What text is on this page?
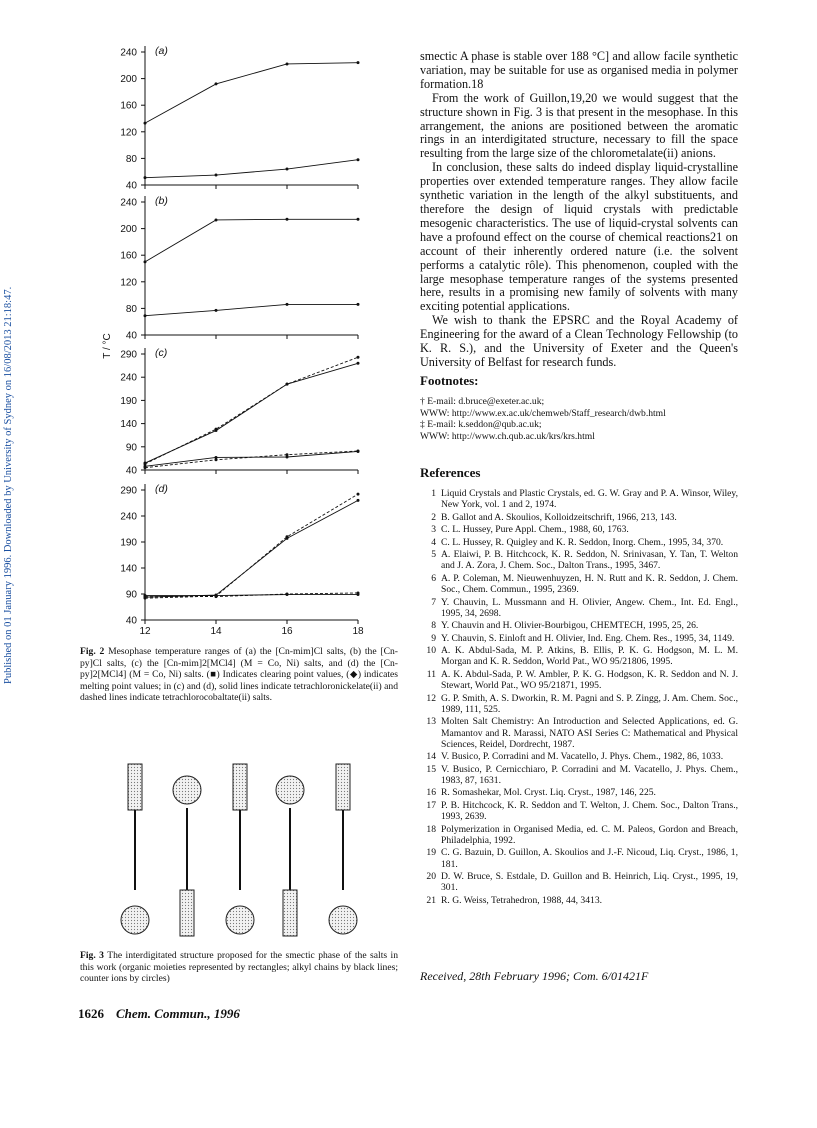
Published on 01 January 1996. Downloaded by University of Sydney on 16/08/2013 21:18:47.
40
80
120
160
200
240 (a)
40
80
120
160
200
240 (b)
40
90
140
190
240
290 (c)
40
90
140
190
240
290
12	14	16	18
(d)
T / °C
Fig. 2 Mesophase temperature ranges of (a) the [Cn-mim]Cl salts, (b) the [Cn-py]Cl salts, (c) the [Cn-mim]2[MCl4] (M = Co, Ni) salts, and (d) the [Cn-py]2[MCl4] (M = Co, Ni) salts. (■) Indicates clearing point values, (◆) indicates melting point values; in (c) and (d), solid lines indicate tetrachloronickelate(ii) and dashed lines indicate tetrachlorocobaltate(ii) salts.
Fig. 3 The interdigitated structure proposed for the smectic phase of the salts in this work (organic moieties represented by rectangles; alkyl chains by black lines; counter ions by circles)
1626 Chem. Commun., 1996

smectic A phase is stable over 188 °C] and allow facile synthetic variation, may be suitable for use as organised media in polymer formation.18

From the work of Guillon,19,20 we would suggest that the structure shown in Fig. 3 is that present in the mesophase. In this arrangement, the anions are positioned between the aromatic rings in an interdigitated structure, necessary to fill the space resulting from the large size of the chlorometalate(ii) anions.

In conclusion, these salts do indeed display liquid-crystalline properties over extended temperature ranges. They allow facile synthetic variation in the length of the alkyl substituents, and therefore the design of liquid crystals with predictable mesogenic characteristics. The use of liquid-crystal solvents can have a profound effect on the course of chemical reactions21 on account of their inherently ordered nature (i.e. the solvent performs a catalytic rôle). This phenomenon, coupled with the large mesophase temperature ranges of the systems presented here, results in a promising new family of solvents with many exciting potential applications.

We wish to thank the EPSRC and the Royal Academy of Engineering for the award of a Clean Technology Fellowship (to K. R. S.), and the University of Exeter and the Queen's University of Belfast for research funds.

Footnotes:
† E-mail: d.bruce@exeter.ac.uk;
WWW: http://www.ex.ac.uk/chemweb/Staff_research/dwb.html
‡ E-mail: k.seddon@qub.ac.uk;
WWW: http://www.ch.qub.ac.uk/krs/krs.html
References
1 Liquid Crystals and Plastic Crystals, ed. G. W. Gray and P. A. Winsor, Wiley, New York, vol. 1 and 2, 1974.
2 B. Gallot and A. Skoulios, Kolloidzeitschrift, 1966, 213, 143.
3 C. L. Hussey, Pure Appl. Chem., 1988, 60, 1763.
4 C. L. Hussey, R. Quigley and K. R. Seddon, Inorg. Chem., 1995, 34, 370.
5 A. Elaiwi, P. B. Hitchcock, K. R. Seddon, N. Srinivasan, Y. Tan, T. Welton and J. A. Zora, J. Chem. Soc., Dalton Trans., 1995, 3467.
6 A. P. Coleman, M. Nieuwenhuyzen, H. N. Rutt and K. R. Seddon, J. Chem. Soc., Chem. Commun., 1995, 2369.
7 Y. Chauvin, L. Mussmann and H. Olivier, Angew. Chem., Int. Ed. Engl., 1995, 34, 2698.
8 Y. Chauvin and H. Olivier-Bourbigou, CHEMTECH, 1995, 25, 26.
9 Y. Chauvin, S. Einloft and H. Olivier, Ind. Eng. Chem. Res., 1995, 34, 1149.
10 A. K. Abdul-Sada, M. P. Atkins, B. Ellis, P. K. G. Hodgson, M. L. M. Morgan and K. R. Seddon, World Pat., WO 95/21806, 1995.
11 A. K. Abdul-Sada, P. W. Ambler, P. K. G. Hodgson, K. R. Seddon and N. J. Stewart, World Pat., WO 95/21871, 1995.
12 G. P. Smith, A. S. Dworkin, R. M. Pagni and S. P. Zingg, J. Am. Chem. Soc., 1989, 111, 525.
13 Molten Salt Chemistry: An Introduction and Selected Applications, ed. G. Mamantov and R. Marassi, NATO ASI Series C: Mathematical and Physical Sciences, Reidel, Dordrecht, 1987.
14 V. Busico, P. Corradini and M. Vacatello, J. Phys. Chem., 1982, 86, 1033.
15 V. Busico, P. Cernicchiaro, P. Corradini and M. Vacatello, J. Phys. Chem., 1983, 87, 1631.
16 R. Somashekar, Mol. Cryst. Liq. Cryst., 1987, 146, 225.
17 P. B. Hitchcock, K. R. Seddon and T. Welton, J. Chem. Soc., Dalton Trans., 1993, 2639.
18 Polymerization in Organised Media, ed. C. M. Paleos, Gordon and Breach, Philadelphia, 1992.
19 C. G. Bazuin, D. Guillon, A. Skoulios and J.-F. Nicoud, Liq. Cryst., 1986, 1, 181.
20 D. W. Bruce, S. Estdale, D. Guillon and B. Heinrich, Liq. Cryst., 1995, 19, 301.
21 R. G. Weiss, Tetrahedron, 1988, 44, 3413.
Received, 28th February 1996; Com. 6/01421F
